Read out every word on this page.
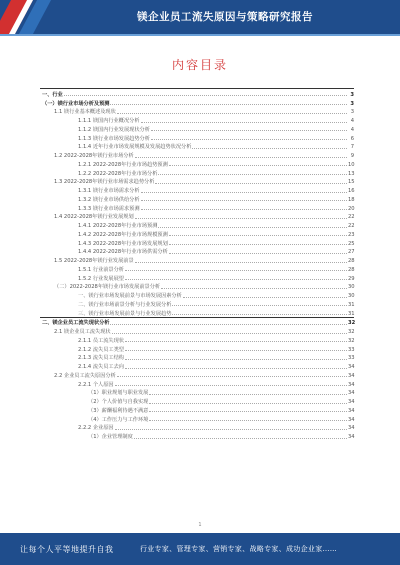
镁企业员工流失原因与策略研究报告
内容目录
一、行业	3
（一）镁行业市场分析及预测	3
1.1 镁行业基本概述及现状	3
1.1.1 镁国内行业概况分析	4
1.1.2 镁国内行业发展现状分析	4
1.1.3 镁行业市场发展趋势分析	6
1.1.4 近年行业市场发展规模及发展趋势状况分析	7
1.2 2022-2028年镁行业市场分析	9
1.2.1 2022-2028年行业市场趋势预测	10
1.2.2 2022-2028年行业市场分析	13
1.3 2022-2028年镁行业市场需求趋势分析	15
1.3.1 镁行业市场需求分析	16
1.3.2 镁行业市场供给分析	18
1.3.3 镁行业市场需求预测	20
1.4 2022-2028年镁行业发展规划	22
1.4.1 2022-2028年行业市场预测	22
1.4.2 2022-2028年行业市场规模预测	23
1.4.3 2022-2028年行业市场发展规划	25
1.4.4 2022-2028年行业市场供需分析	27
1.5 2022-2028年镁行业发展前景	28
1.5.1 行业前景分析	28
1.5.2 行业发展展望	29
（二）2022-2028年镁行业市场发展前景分析	30
一、镁行业市场发展前景与市场发展因素分析	30
二、镁行业市场前景分析与行业发展分析	31
三、镁行业市场发展前景与行业发展趋势	31
二、镁企业员工流失现状分析	32
2.1 镁企业员工流失现状	32
2.1.1 员工流失现状	32
2.1.2 流失员工类型	33
2.1.3 流失员工结构	33
2.1.4 流失员工去向	34
2.2 企业员工流失原因分析	34
2.2.1 个人原因	34
（1）职业规划与职业发展	34
（2）个人价值与自我实现	34
（3）薪酬福利待遇不满意	34
（4）工作压力与工作环境	34
2.2.2 企业原因	34
（1）企业管理制度	34
1
让每个人平等地提升自我	行业专家、管理专家、营销专家、战略专家、成功企业家……
